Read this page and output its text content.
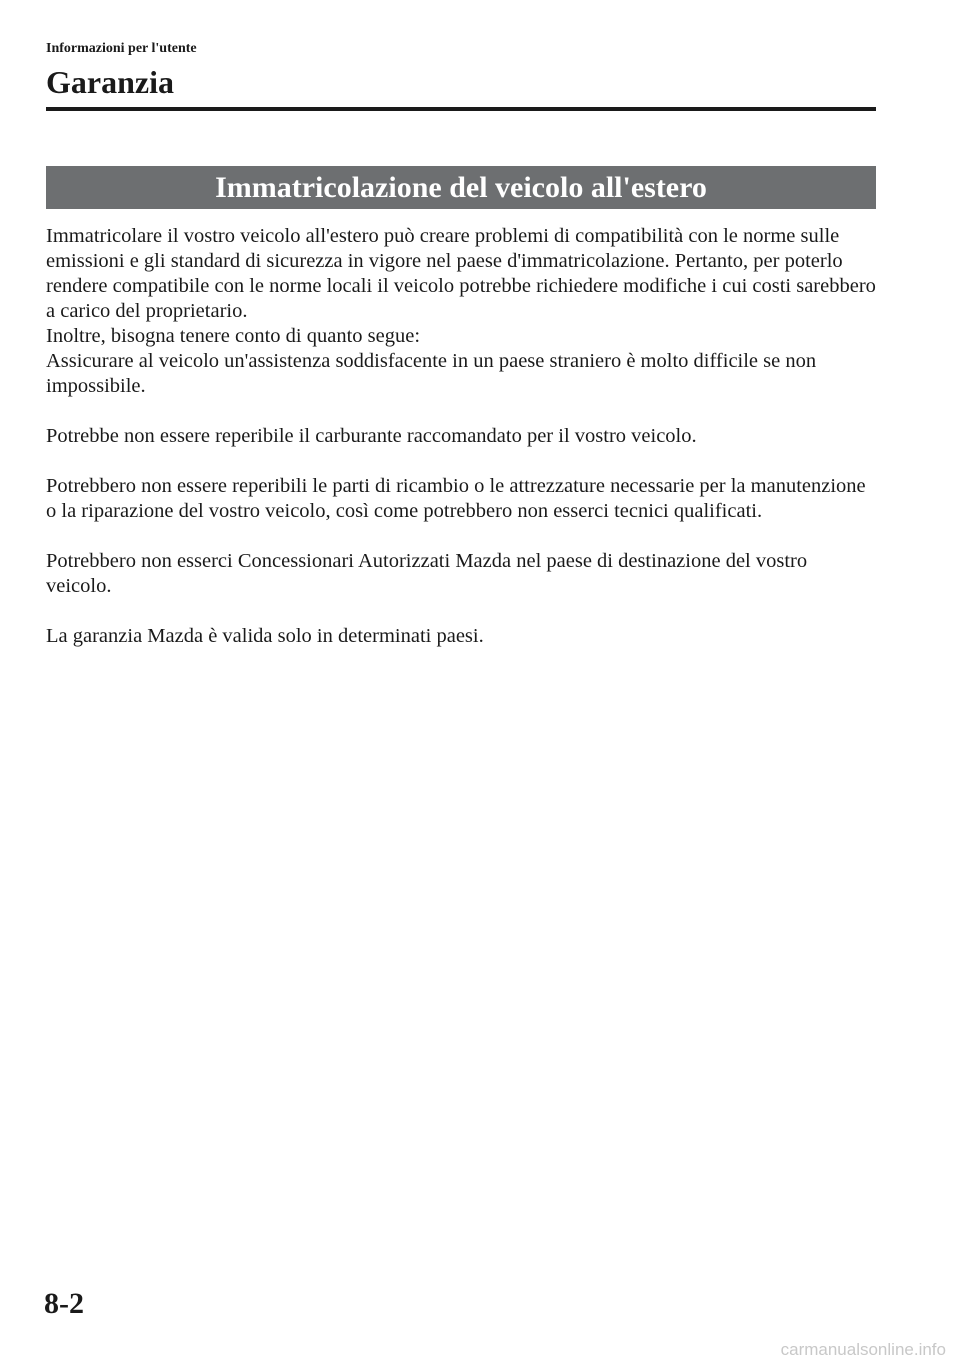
Informazioni per l'utente
Garanzia
Immatricolazione del veicolo all'estero

Immatricolare il vostro veicolo all'estero può creare problemi di compatibilità con le norme sulle emissioni e gli standard di sicurezza in vigore nel paese d'immatricolazione. Pertanto, per poterlo rendere compatibile con le norme locali il veicolo potrebbe richiedere modifiche i cui costi sarebbero a carico del proprietario.

Inoltre, bisogna tenere conto di quanto segue:

Assicurare al veicolo un'assistenza soddisfacente in un paese straniero è molto difficile se non impossibile.

Potrebbe non essere reperibile il carburante raccomandato per il vostro veicolo.

Potrebbero non essere reperibili le parti di ricambio o le attrezzature necessarie per la manutenzione o la riparazione del vostro veicolo, così come potrebbero non esserci tecnici qualificati.

Potrebbero non esserci Concessionari Autorizzati Mazda nel paese di destinazione del vostro veicolo.

La garanzia Mazda è valida solo in determinati paesi.

8-2
carmanualsonline.info
